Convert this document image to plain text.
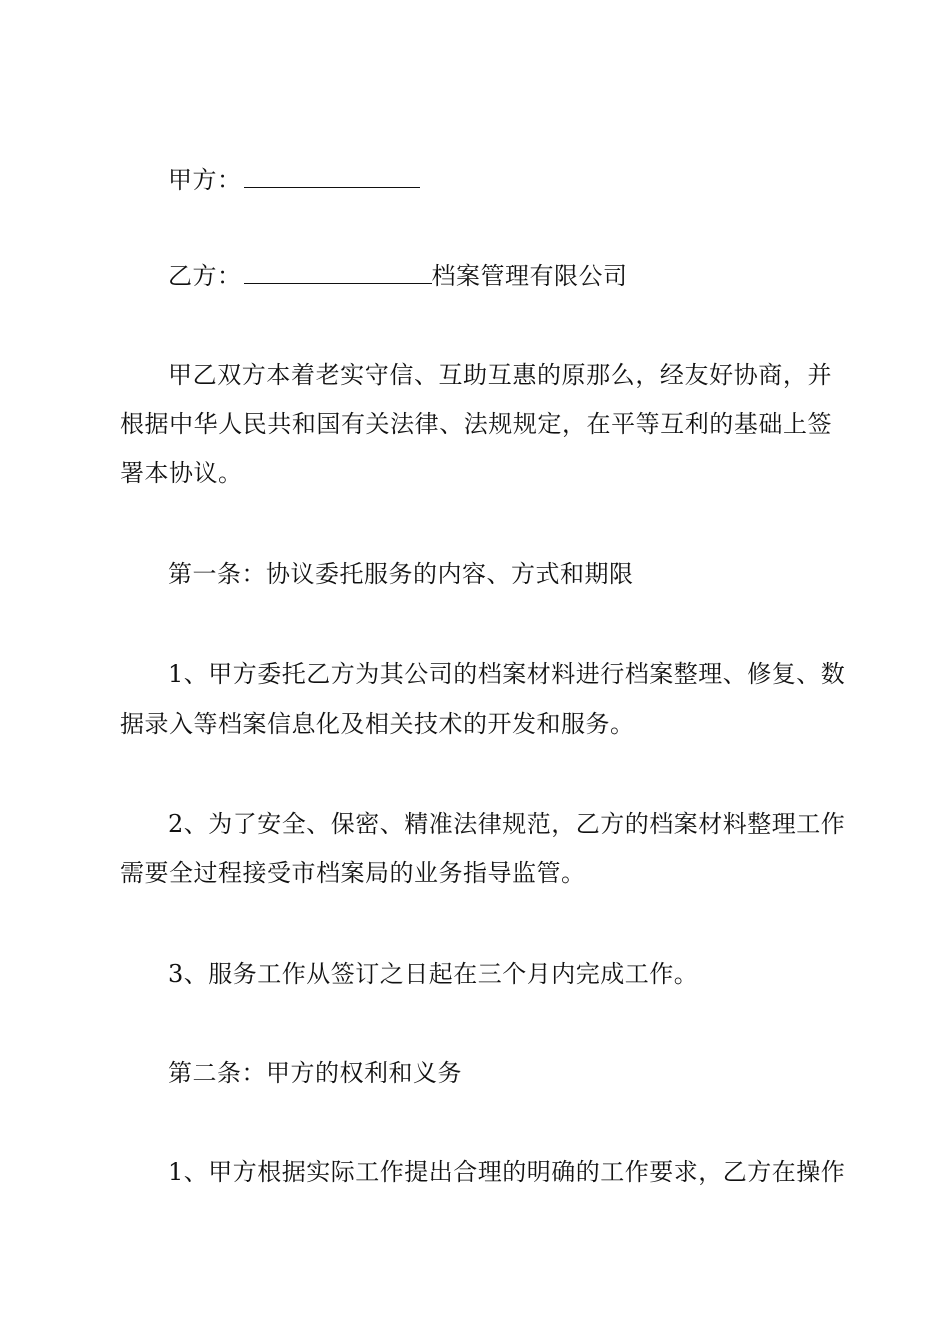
甲方：
乙方：	档案管理有限公司
甲乙双方本着老实守信、互助互惠的原那么，经友好协商，并
根据中华人民共和国有关法律、法规规定，在平等互利的基础上签
署本协议。
第一条：协议委托服务的内容、方式和期限
1、甲方委托乙方为其公司的档案材料进行档案整理、修复、数
据录入等档案信息化及相关技术的开发和服务。
2、为了安全、保密、精准法律规范，乙方的档案材料整理工作
需要全过程接受市档案局的业务指导监管。
3、服务工作从签订之日起在三个月内完成工作。
第二条：甲方的权利和义务
1、甲方根据实际工作提出合理的明确的工作要求，乙方在操作
